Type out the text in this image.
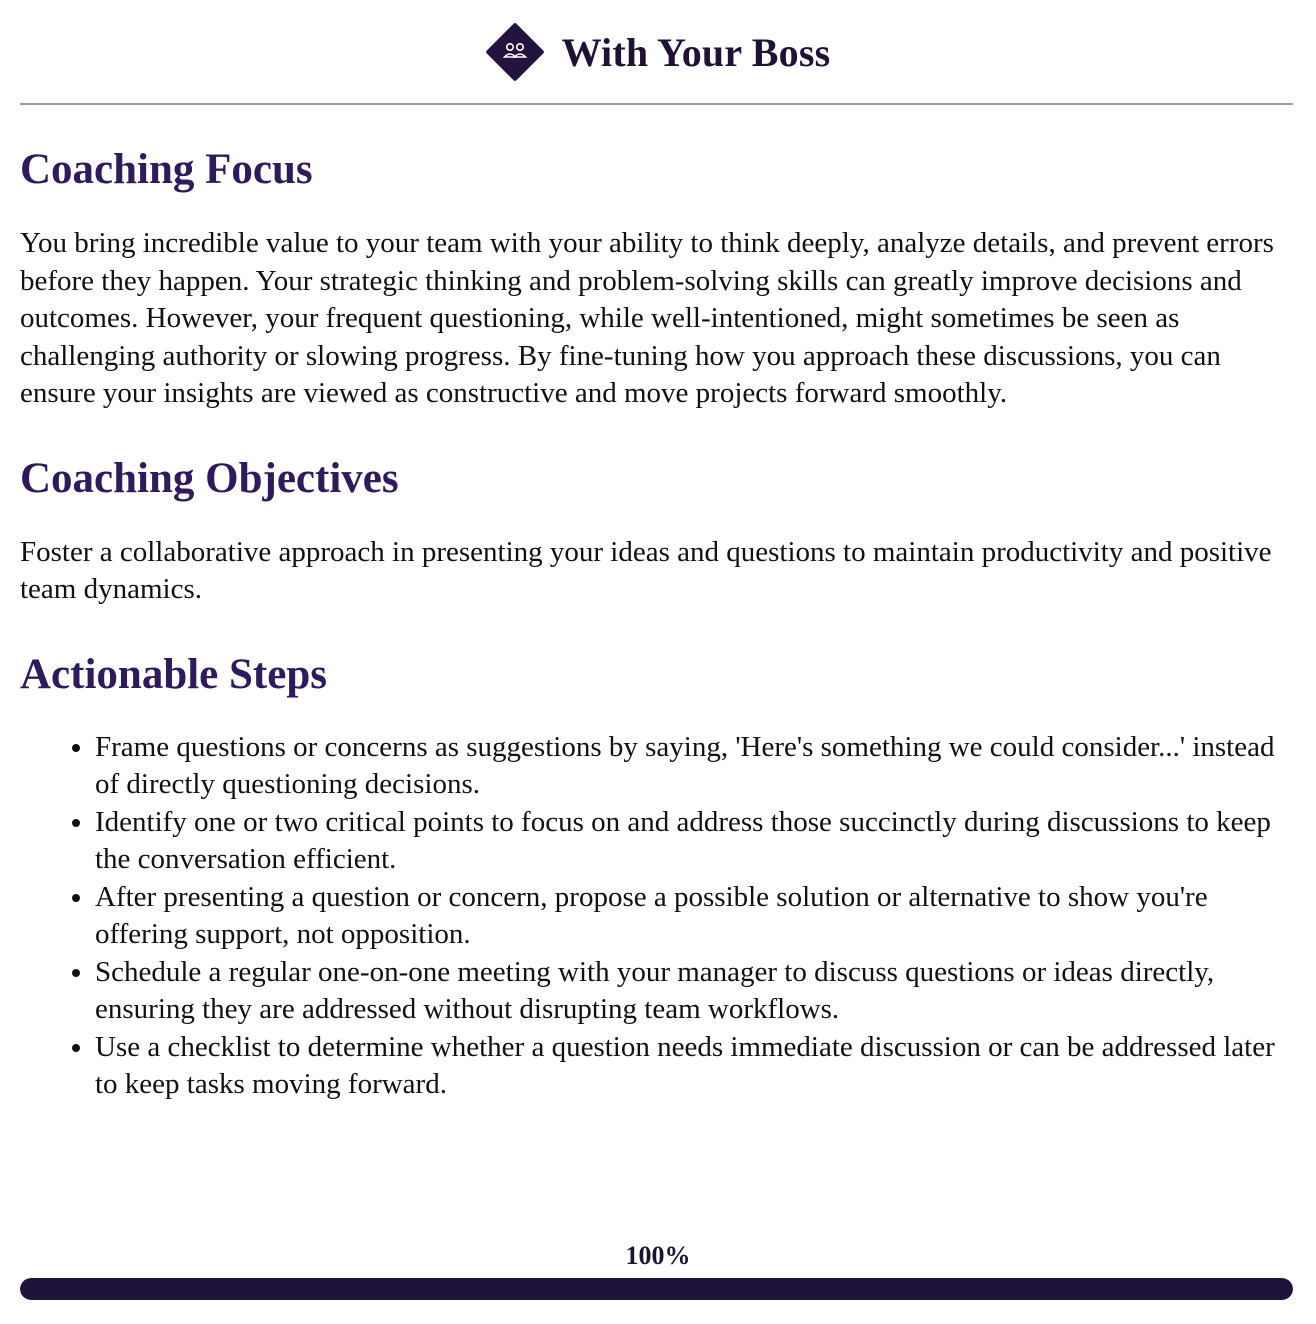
With Your Boss
Coaching Focus

You bring incredible value to your team with your ability to think deeply, analyze details, and prevent errors before they happen. Your strategic thinking and problem-solving skills can greatly improve decisions and outcomes. However, your frequent questioning, while well-intentioned, might sometimes be seen as challenging authority or slowing progress. By fine-tuning how you approach these discussions, you can ensure your insights are viewed as constructive and move projects forward smoothly.

Coaching Objectives

Foster a collaborative approach in presenting your ideas and questions to maintain productivity and positive team dynamics.

Actionable Steps
• Frame questions or concerns as suggestions by saying, 'Here's something we could consider...' instead of directly questioning decisions.
• Identify one or two critical points to focus on and address those succinctly during discussions to keep the conversation efficient.
• After presenting a question or concern, propose a possible solution or alternative to show you're offering support, not opposition.
• Schedule a regular one-on-one meeting with your manager to discuss questions or ideas directly, ensuring they are addressed without disrupting team workflows.
• Use a checklist to determine whether a question needs immediate discussion or can be addressed later to keep tasks moving forward.
100%
